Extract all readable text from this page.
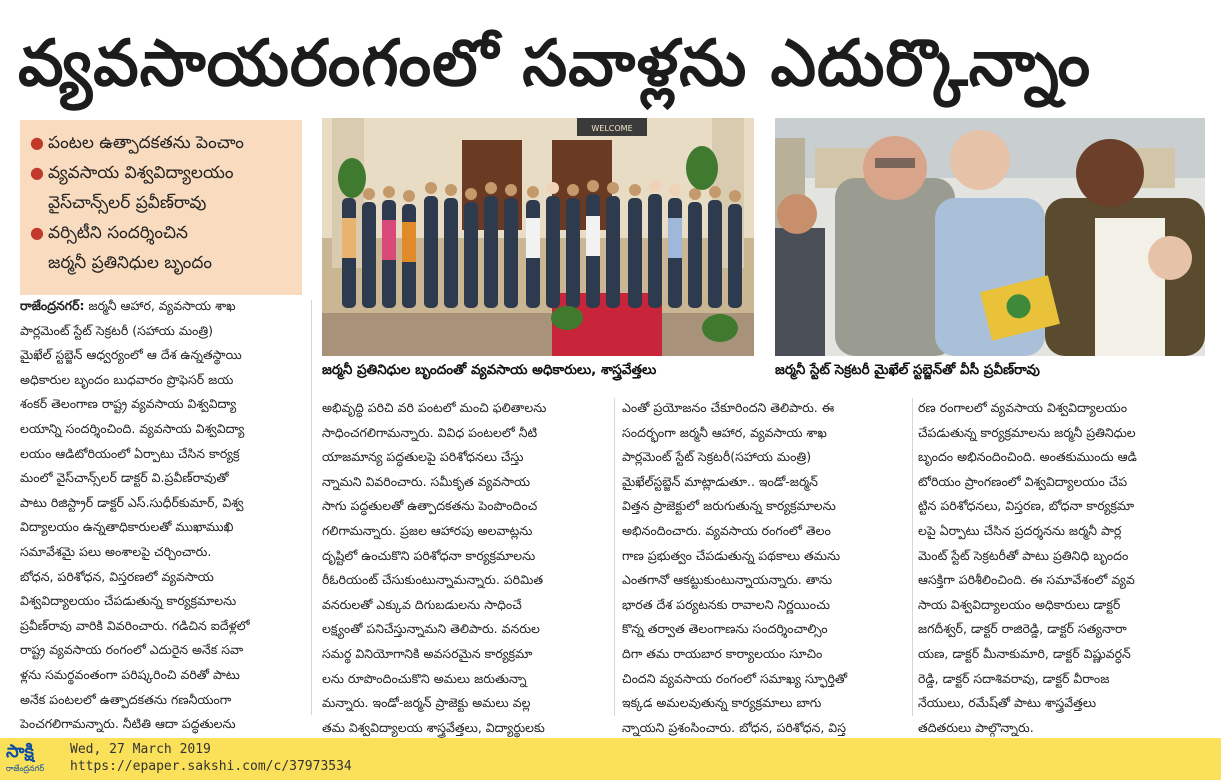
వ్యవసాయరంగంలో సవాళ్లను ఎదుర్కొన్నాం
● పంటల ఉత్పాదకతను పెంచాం
● వ్యవసాయ విశ్వవిద్యాలయం
వైస్‌చాన్స్‌లర్ ప్రవీణ్‌రావు
● వర్సిటీని సందర్శించిన
జర్మనీ ప్రతినిధుల బృందం
WELCOME
జర్మనీ ప్రతినిధుల బృందంతో వ్యవసాయ అధికారులు, శాస్త్రవేత్తలు	జర్మనీ స్టేట్ సెక్రటరీ మైఖేల్ స్టబ్జెన్‌తో వీసీ ప్రవీణ్‌రావు
రాజేంద్రనగర్: జర్మనీ ఆహార, వ్యవసాయ శాఖ
పార్లమెంట్ స్టేట్ సెక్రటరీ (సహాయ మంత్రి)
మైఖేల్ స్టబ్జెన్ ఆధ్వర్యంలో ఆ దేశ ఉన్నతస్థాయి
అధికారుల బృందం బుధవారం ప్రొఫెసర్ జయ
శంకర్ తెలంగాణ రాష్ట్ర వ్యవసాయ విశ్వవిద్యా
లయాన్ని సందర్శించింది. వ్యవసాయ విశ్వవిద్యా
లయం ఆడిటోరియంలో ఏర్పాటు చేసిన కార్యక్ర
మంలో వైస్‌చాన్స్‌లర్ డాక్టర్ వి.ప్రవీణ్‌రావుతో
పాటు రిజిస్ట్రార్ డాక్టర్ ఎస్.సుధీర్‌కుమార్, విశ్వ
విద్యాలయం ఉన్నతాధికారులతో ముఖాముఖి
సమావేశమై పలు అంశాలపై చర్చించారు.
బోధన, పరిశోధన, విస్తరణలో వ్యవసాయ
విశ్వవిద్యాలయం చేపడుతున్న కార్యక్రమాలను
ప్రవీణ్‌రావు వారికి వివరించారు. గడిచిన ఐదేళ్లలో
రాష్ట్ర వ్యవసాయ రంగంలో ఎదురైన అనేక సవా
ళ్లను సమర్థవంతంగా పరిష్కరించి వరితో పాటు
అనేక పంటలలో ఉత్పాదకతను గణనీయంగా
పెంచగలిగామన్నారు. నీటితి ఆదా పద్ధతులను
అభివృద్ధి పరిచి వరి పంటలో మంచి ఫలితాలను
సాధించగలిగామన్నారు. వివిధ పంటలలో నీటి
యాజమాన్య పద్ధతులపై పరిశోధనలు చేస్తు
న్నామని వివరించారు. సమీకృత వ్యవసాయ
సాగు పద్ధతులతో ఉత్పాదకతను పెంపొందించ
గలిగామన్నారు. ప్రజల ఆహారపు అలవాట్లను
దృష్టిలో ఉంచుకొని పరిశోధనా కార్యక్రమాలను
రీఓరియంట్ చేసుకుంటున్నామన్నారు. పరిమిత
వనరులతో ఎక్కువ దిగుబడులను సాధించే
లక్ష్యంతో పనిచేస్తున్నామని తెలిపారు. వనరుల
సమర్థ వినియోగానికి అవసరమైన కార్యక్రమా
లను రూపొందించుకొని అమలు జరుతున్నా
మన్నారు. ఇండో-జర్మన్ ప్రాజెక్టు అమలు వల్ల
తమ విశ్వవిద్యాలయ శాస్త్రవేత్తలు, విద్యార్థులకు
ఎంతో ప్రయోజనం చేకూరిందని తెలిపారు. ఈ
సందర్భంగా జర్మనీ ఆహార, వ్యవసాయ శాఖ
పార్లమెంట్ స్టేట్ సెక్రటరీ(సహాయ మంత్రి)
మైఖేల్‌స్టబ్జెన్ మాట్లాడుతూ.. ఇండో-జర్మన్
విత్తన ప్రాజెక్టులో జరుగుతున్న కార్యక్రమాలను
అభినందించారు. వ్యవసాయ రంగంలో తెలం
గాణ ప్రభుత్వం చేపడుతున్న పథకాలు తమను
ఎంతగానో ఆకట్టుకుంటున్నాయన్నారు. తాను
భారత దేశ పర్యటనకు రావాలని నిర్ణయించు
కొన్న తర్వాత తెలంగాణను సందర్శించాల్సిం
దిగా తమ రాయబార కార్యాలయం సూచిం
చిందని వ్యవసాయ రంగంలో సమాఖ్య స్ఫూర్తితో
ఇక్కడ అమలవుతున్న కార్యక్రమాలు బాగు
న్నాయని ప్రశంసించారు. బోధన, పరిశోధన, విస్త
రణ రంగాలలో వ్యవసాయ విశ్వవిద్యాలయం
చేపడుతున్న కార్యక్రమాలను జర్మనీ ప్రతినిధుల
బృందం అభినందించింది. అంతకుముందు ఆడి
టోరియం ప్రాంగణంలో విశ్వవిద్యాలయం చేప
ట్టిన పరిశోధనలు, విస్తరణ, బోధనా కార్యక్రమా
లపై ఏర్పాటు చేసిన ప్రదర్శనను జర్మనీ పార్ల
మెంట్ స్టేట్ సెక్రటరీతో పాటు ప్రతినిధి బృందం
ఆసక్తిగా పరిశీలించింది. ఈ సమావేశంలో వ్యవ
సాయ విశ్వవిద్యాలయం అధికారులు డాక్టర్
జగదీశ్వర్, డాక్టర్ రాజిరెడ్డి, డాక్టర్ సత్యనారా
యణ, డాక్టర్ మీనాకుమారి, డాక్టర్ విష్ణువర్ధన్
రెడ్డి, డాక్టర్ సదాశివరావు, డాక్టర్ వీరాంజ
నేయులు, రమేష్‌తో పాటు శాస్త్రవేత్తలు
తదితరులు పాల్గొన్నారు.
సాక్షి
రాజేంద్రనగర్
Wed, 27 March 2019
https://epaper.sakshi.com/c/37973534
